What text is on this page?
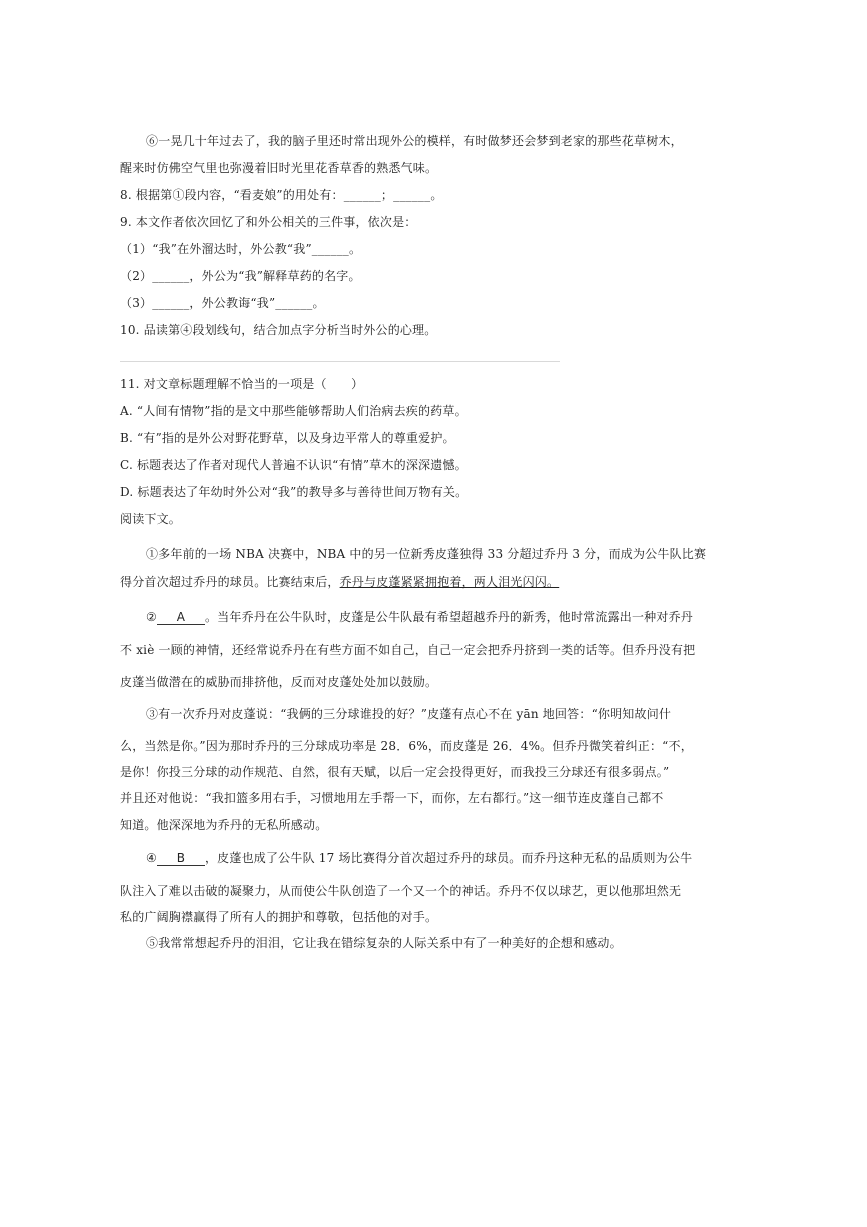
⑥一晃几十年过去了，我的脑子里还时常出现外公的模样，有时做梦还会梦到老家的那些花草树木，
醒来时仿佛空气里也弥漫着旧时光里花香草香的熟悉气味。
8. 根据第①段内容，“看麦娘”的用处有：______；______。
9. 本文作者依次回忆了和外公相关的三件事，依次是：
（1）“我”在外溜达时，外公教“我”______。
（2）______，外公为“我”解释草药的名字。
（3）______，外公教诲“我”______。
10. 品读第④段划线句，结合加点字分析当时外公的心理。
11. 对文章标题理解不恰当的一项是（　　）
A. “人间有情物”指的是文中那些能够帮助人们治病去疾的药草。
B. “有”指的是外公对野花野草，以及身边平常人的尊重爱护。
C. 标题表达了作者对现代人普遍不认识“有情”草木的深深遗憾。
D. 标题表达了年幼时外公对“我”的教导多与善待世间万物有关。
阅读下文。
①多年前的一场 NBA 决赛中，NBA 中的另一位新秀皮蓬独得 33 分超过乔丹 3 分，而成为公牛队比赛
得分首次超过乔丹的球员。比赛结束后，乔丹与皮蓬紧紧拥抱着，两人泪光闪闪。
② A 。当年乔丹在公牛队时，皮蓬是公牛队最有希望超越乔丹的新秀，他时常流露出一种对乔丹
不 xiè 一顾的神情，还经常说乔丹在有些方面不如自己，自己一定会把乔丹挤到一类的话等。但乔丹没有把
皮蓬当做潜在的威胁而排挤他，反而对皮蓬处处加以鼓励。
③有一次乔丹对皮蓬说：“我俩的三分球谁投的好？”皮蓬有点心不在 yān 地回答：“你明知故问什
么，当然是你。”因为那时乔丹的三分球成功率是 28．6%，而皮蓬是 26．4%。但乔丹微笑着纠正：“不，
是你！你投三分球的动作规范、自然，很有天赋，以后一定会投得更好，而我投三分球还有很多弱点。”
并且还对他说：“我扣篮多用右手，习惯地用左手帮一下，而你，左右都行。”这一细节连皮蓬自己都不
知道。他深深地为乔丹的无私所感动。
④ B ，皮蓬也成了公牛队 17 场比赛得分首次超过乔丹的球员。而乔丹这种无私的品质则为公牛
队注入了难以击破的凝聚力，从而使公牛队创造了一个又一个的神话。乔丹不仅以球艺，更以他那坦然无
私的广阔胸襟赢得了所有人的拥护和尊敬，包括他的对手。
⑤我常常想起乔丹的泪泪，它让我在错综复杂的人际关系中有了一种美好的企想和感动。
